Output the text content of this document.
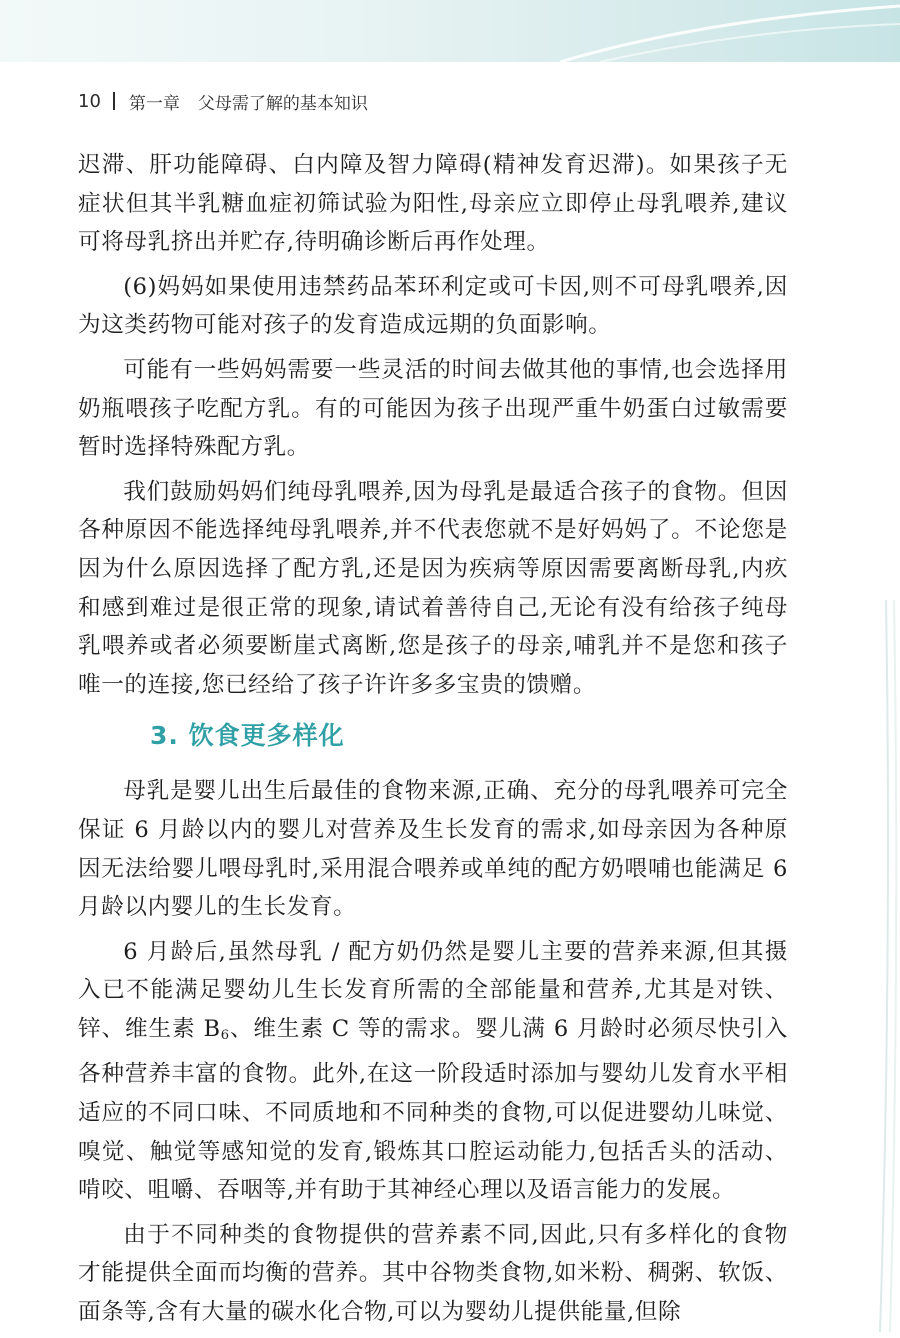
10 第一章 父母需了解的基本知识

迟滞、肝功能障碍、白内障及智力障碍(精神发育迟滞)。如果孩子无症状但其半乳糖血症初筛试验为阳性,母亲应立即停止母乳喂养,建议可将母乳挤出并贮存,待明确诊断后再作处理。

(6)妈妈如果使用违禁药品苯环利定或可卡因,则不可母乳喂养,因为这类药物可能对孩子的发育造成远期的负面影响。

可能有一些妈妈需要一些灵活的时间去做其他的事情,也会选择用奶瓶喂孩子吃配方乳。有的可能因为孩子出现严重牛奶蛋白过敏需要暂时选择特殊配方乳。

我们鼓励妈妈们纯母乳喂养,因为母乳是最适合孩子的食物。但因各种原因不能选择纯母乳喂养,并不代表您就不是好妈妈了。不论您是因为什么原因选择了配方乳,还是因为疾病等原因需要离断母乳,内疚和感到难过是很正常的现象,请试着善待自己,无论有没有给孩子纯母乳喂养或者必须要断崖式离断,您是孩子的母亲,哺乳并不是您和孩子唯一的连接,您已经给了孩子许许多多宝贵的馈赠。

3. 饮食更多样化

母乳是婴儿出生后最佳的食物来源,正确、充分的母乳喂养可完全保证 6 月龄以内的婴儿对营养及生长发育的需求,如母亲因为各种原因无法给婴儿喂母乳时,采用混合喂养或单纯的配方奶喂哺也能满足 6 月龄以内婴儿的生长发育。

6 月龄后,虽然母乳 / 配方奶仍然是婴儿主要的营养来源,但其摄入已不能满足婴幼儿生长发育所需的全部能量和营养,尤其是对铁、锌、维生素 $B_6$、维生素 C 等的需求。婴儿满 6 月龄时必须尽快引入各种营养丰富的食物。此外,在这一阶段适时添加与婴幼儿发育水平相适应的不同口味、不同质地和不同种类的食物,可以促进婴幼儿味觉、嗅觉、触觉等感知觉的发育,锻炼其口腔运动能力,包括舌头的活动、啃咬、咀嚼、吞咽等,并有助于其神经心理以及语言能力的发展。

由于不同种类的食物提供的营养素不同,因此,只有多样化的食物才能提供全面而均衡的营养。其中谷物类食物,如米粉、稠粥、软饭、面条等,含有大量的碳水化合物,可以为婴幼儿提供能量,但除
